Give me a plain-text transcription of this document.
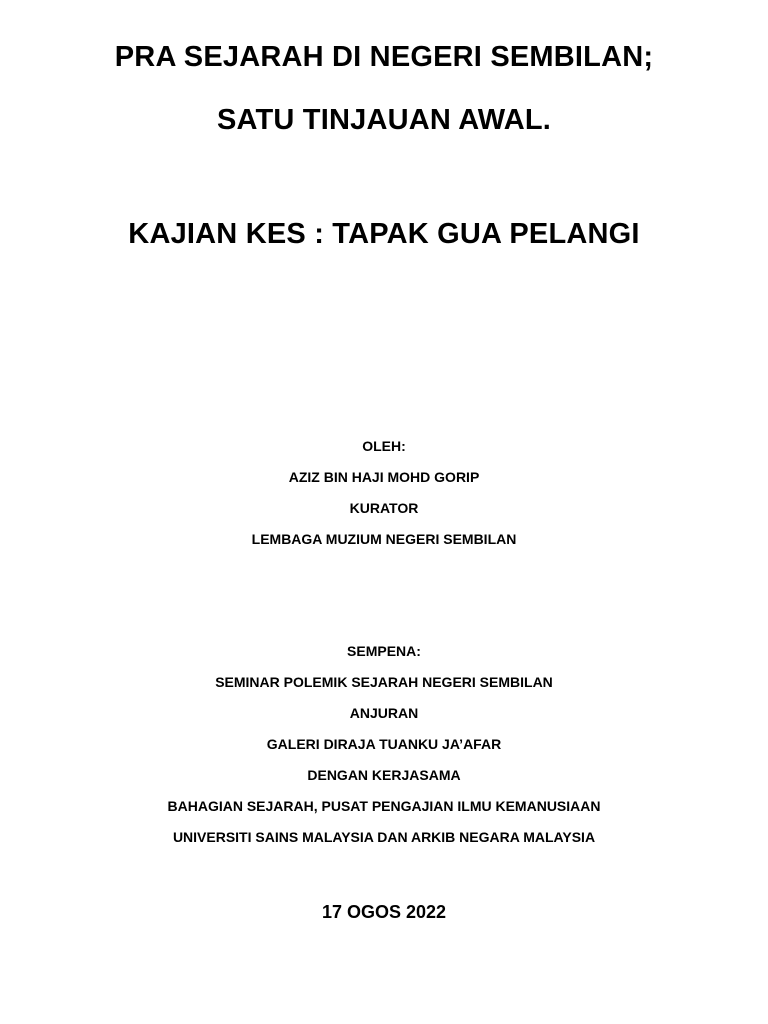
PRA SEJARAH DI NEGERI SEMBILAN;
SATU TINJAUAN AWAL.
KAJIAN KES : TAPAK GUA PELANGI
OLEH:
AZIZ BIN HAJI MOHD GORIP
KURATOR
LEMBAGA MUZIUM NEGERI SEMBILAN
SEMPENA:
SEMINAR POLEMIK SEJARAH NEGERI SEMBILAN
ANJURAN
GALERI DIRAJA TUANKU JA’AFAR
DENGAN KERJASAMA
BAHAGIAN SEJARAH, PUSAT PENGAJIAN ILMU KEMANUSIAAN
UNIVERSITI SAINS MALAYSIA DAN ARKIB NEGARA MALAYSIA
17 OGOS 2022
